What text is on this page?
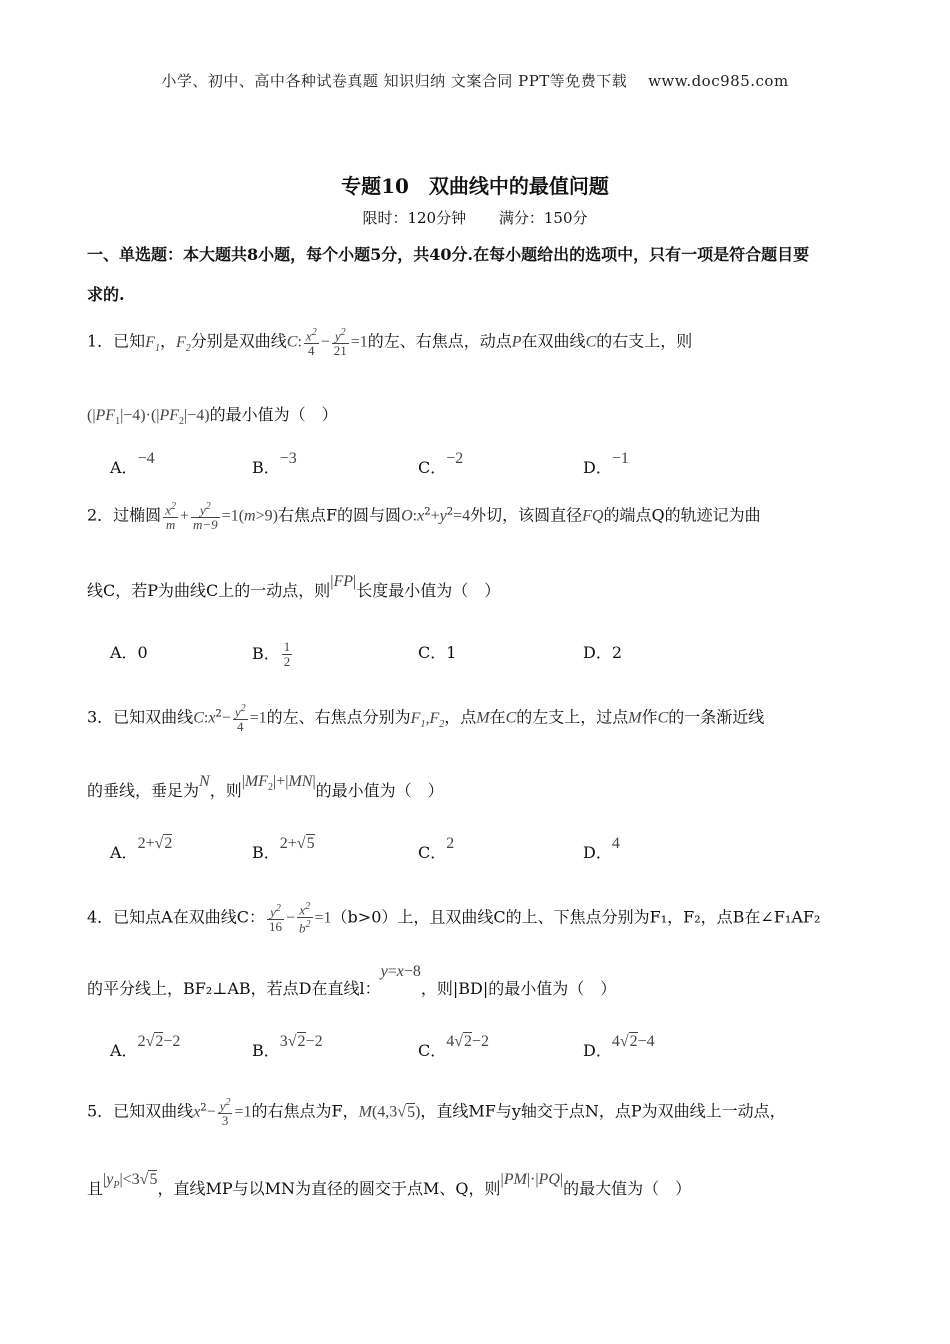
小学、初中、高中各种试卷真题 知识归纳 文案合同 PPT等免费下载　 www.doc985.com
专题10　双曲线中的最值问题
限时：120分钟 满分：150分
一、单选题：本大题共8小题，每个小题5分，共40分.在每小题给出的选项中，只有一项是符合题目要
求的.
1．已知$F_1$，$F_2$分别是双曲线C: $\frac{x^2}{4} - \frac{y^2}{21} =1$的左、右焦点，动点P在双曲线C的右支上，则
$(|PF_1|-4)\cdot(|PF_2|-4)$的最小值为（　）
A．−4	B．−3	C．−2	D．−1
2．过椭圆 $\frac{x^2}{m} + \frac{y^2}{m-9} =1(m>9)$右焦点F的圆与圆$O:x^2+y^2=4$外切，该圆直径FQ的端点Q的轨迹记为曲
线C，若P为曲线C上的一动点，则|FP|长度最小值为（　）
A．0	B． $\frac{1}{2}$	C．1	D．2
3．已知双曲线$C:x^2- \frac{y^2}{4} =1$的左、右焦点分别为$F_1,F_2$，点M在C的左支上，过点M作C的一条渐近线
的垂线，垂足为N，则$|MF_2|+|MN|$的最小值为（　）
A．2+√2	B．2+√5	C．2	D．4
4．已知点A在双曲线C： $\frac{y^2}{16} - \frac{x^2}{b^2} =1(b>0)$上，且双曲线C的上、下焦点分别为F₁，F₂，点B在∠F₁AF₂
的平分线上，BF₂⊥AB，若点D在直线l：y=x−8，则|BD|的最小值为（　）
A．2√2−2	B．3√2−2	C．4√2−2	D．4√2−4
5．已知双曲线$x^2- \frac{y^2}{3} =1$的右焦点为F，M(4,3√5)，直线MF与y轴交于点N，点P为双曲线上一动点，
且$|y_P|<3√5$，直线MP与以MN为直径的圆交于点M、Q，则|PM|·|PQ|的最大值为（　）
